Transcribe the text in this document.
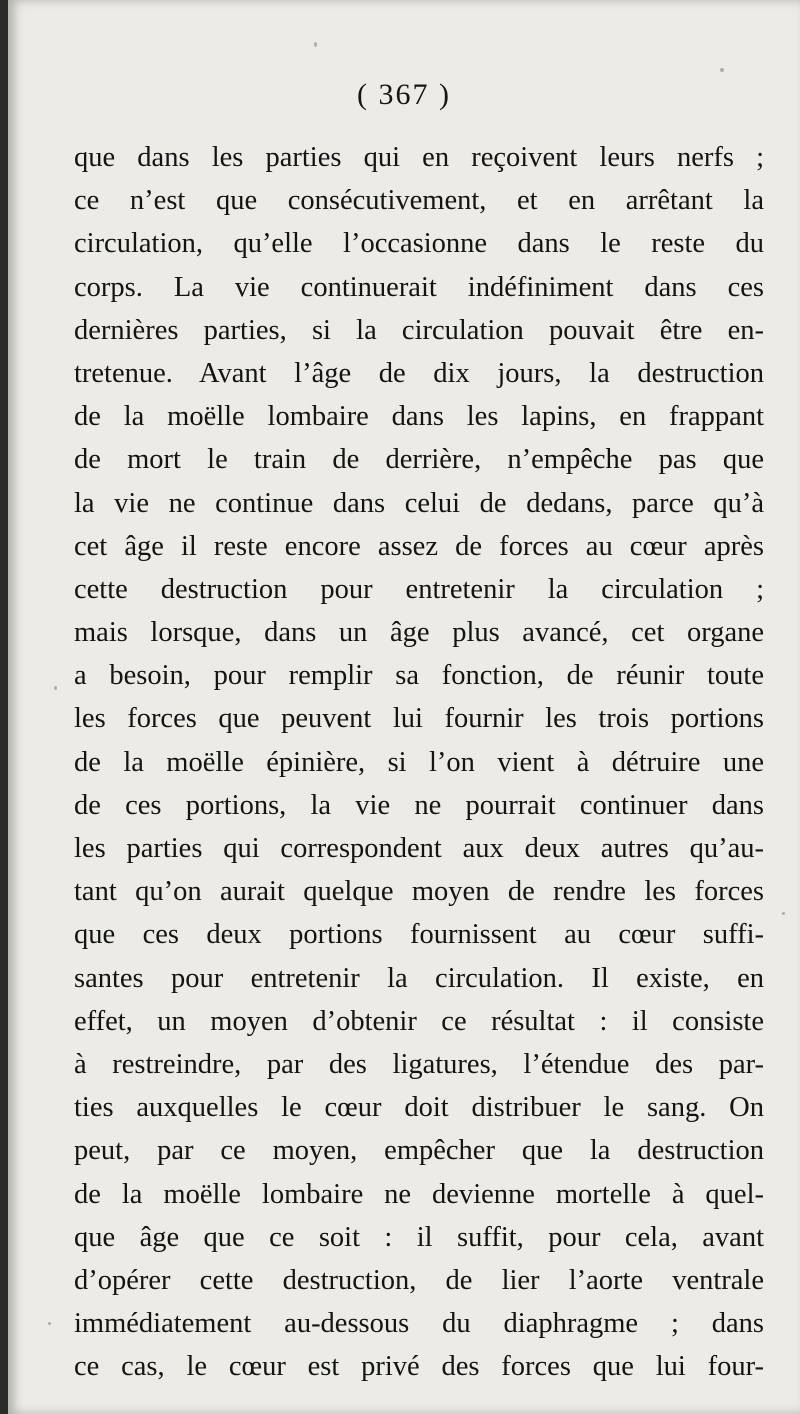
( 367 )
que dans les parties qui en reçoivent leurs nerfs ;
ce n’est que consécutivement, et en arrêtant la
circulation, qu’elle l’occasionne dans le reste du
corps. La vie continuerait indéfiniment dans ces
dernières parties, si la circulation pouvait être en-
tretenue. Avant l’âge de dix jours, la destruction
de la moëlle lombaire dans les lapins, en frappant
de mort le train de derrière, n’empêche pas que
la vie ne continue dans celui de dedans, parce qu’à
cet âge il reste encore assez de forces au cœur après
cette destruction pour entretenir la circulation ;
mais lorsque, dans un âge plus avancé, cet organe
a besoin, pour remplir sa fonction, de réunir toute
les forces que peuvent lui fournir les trois portions
de la moëlle épinière, si l’on vient à détruire une
de ces portions, la vie ne pourrait continuer dans
les parties qui correspondent aux deux autres qu’au-
tant qu’on aurait quelque moyen de rendre les forces
que ces deux portions fournissent au cœur suffi-
santes pour entretenir la circulation. Il existe, en
effet, un moyen d’obtenir ce résultat : il consiste
à restreindre, par des ligatures, l’étendue des par-
ties auxquelles le cœur doit distribuer le sang. On
peut, par ce moyen, empêcher que la destruction
de la moëlle lombaire ne devienne mortelle à quel-
que âge que ce soit : il suffit, pour cela, avant
d’opérer cette destruction, de lier l’aorte ventrale
immédiatement au-dessous du diaphragme ; dans
ce cas, le cœur est privé des forces que lui four-
